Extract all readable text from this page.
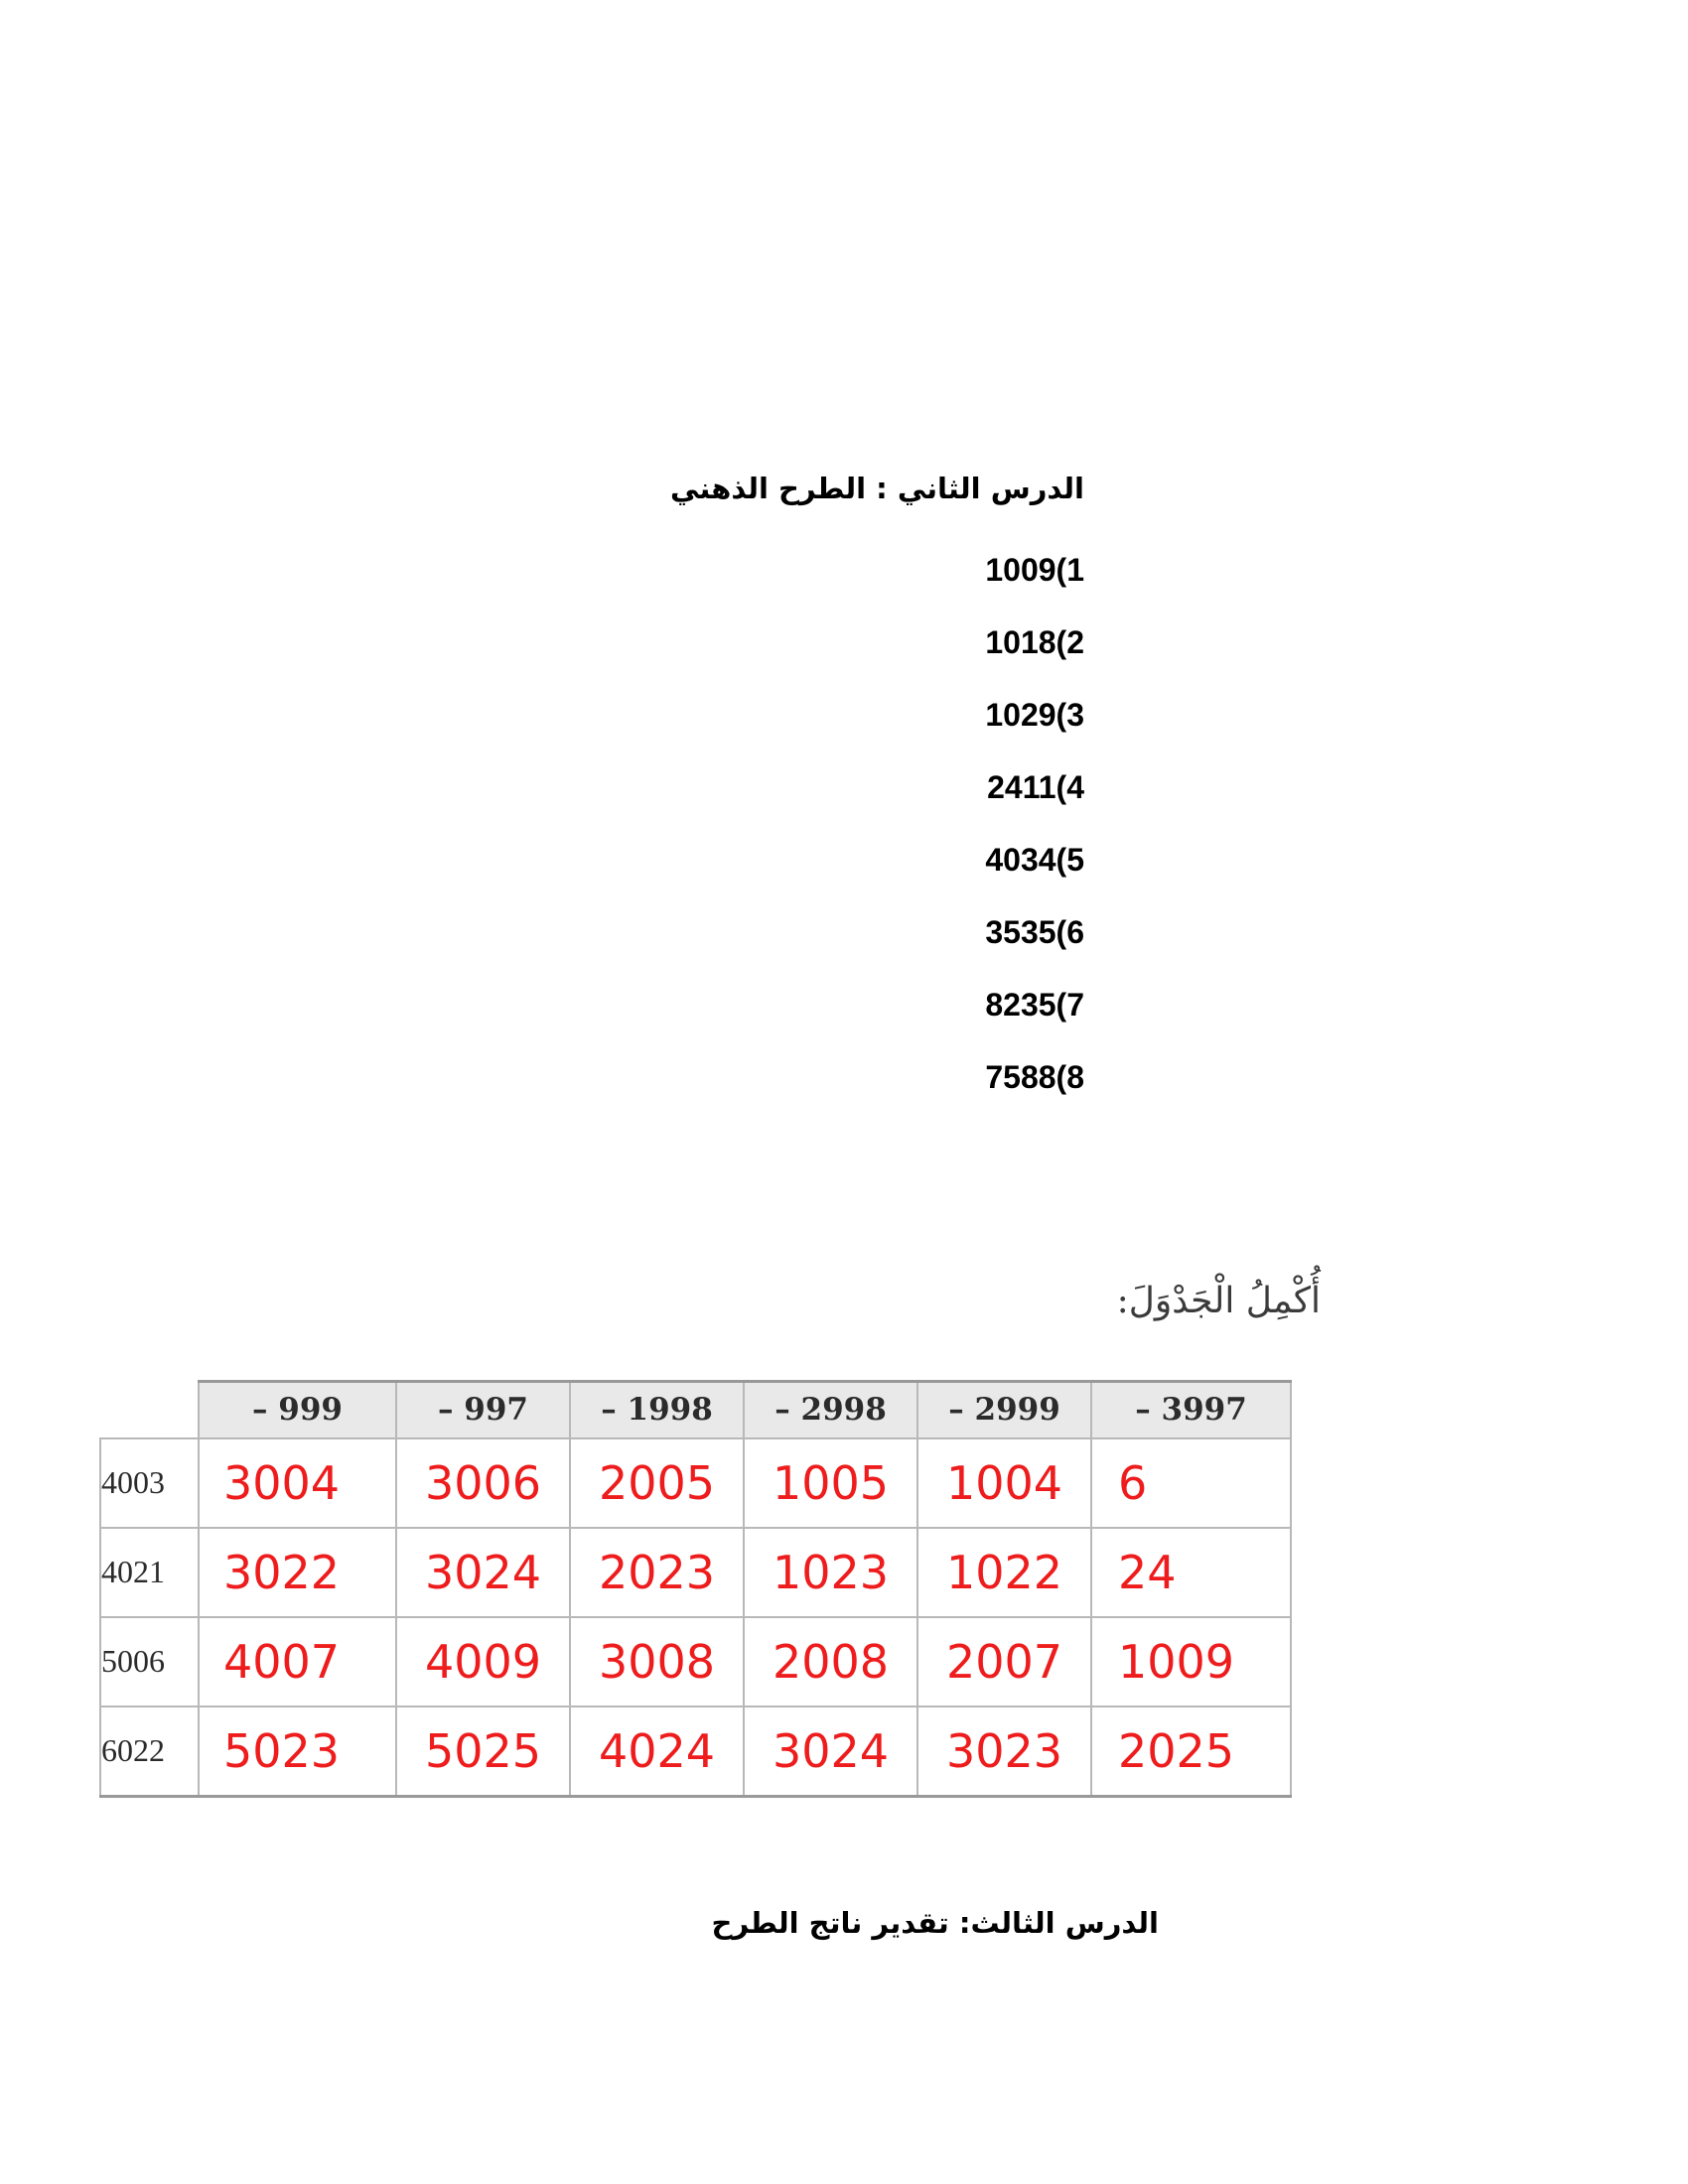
الدرس الثاني : الطرح الذهني
1009(1
1018(2
1029(3
2411(4
4034(5
3535(6
8235(7
7588(8
أُكْمِلُ الْجَدْوَلَ:
	– 999	– 997	– 1998	– 2998	– 2999	– 3997
4003	3004	3006	2005	1005	1004	6
4021	3022	3024	2023	1023	1022	24
5006	4007	4009	3008	2008	2007	1009
6022	5023	5025	4024	3024	3023	2025
الدرس الثالث: تقدير ناتج الطرح
